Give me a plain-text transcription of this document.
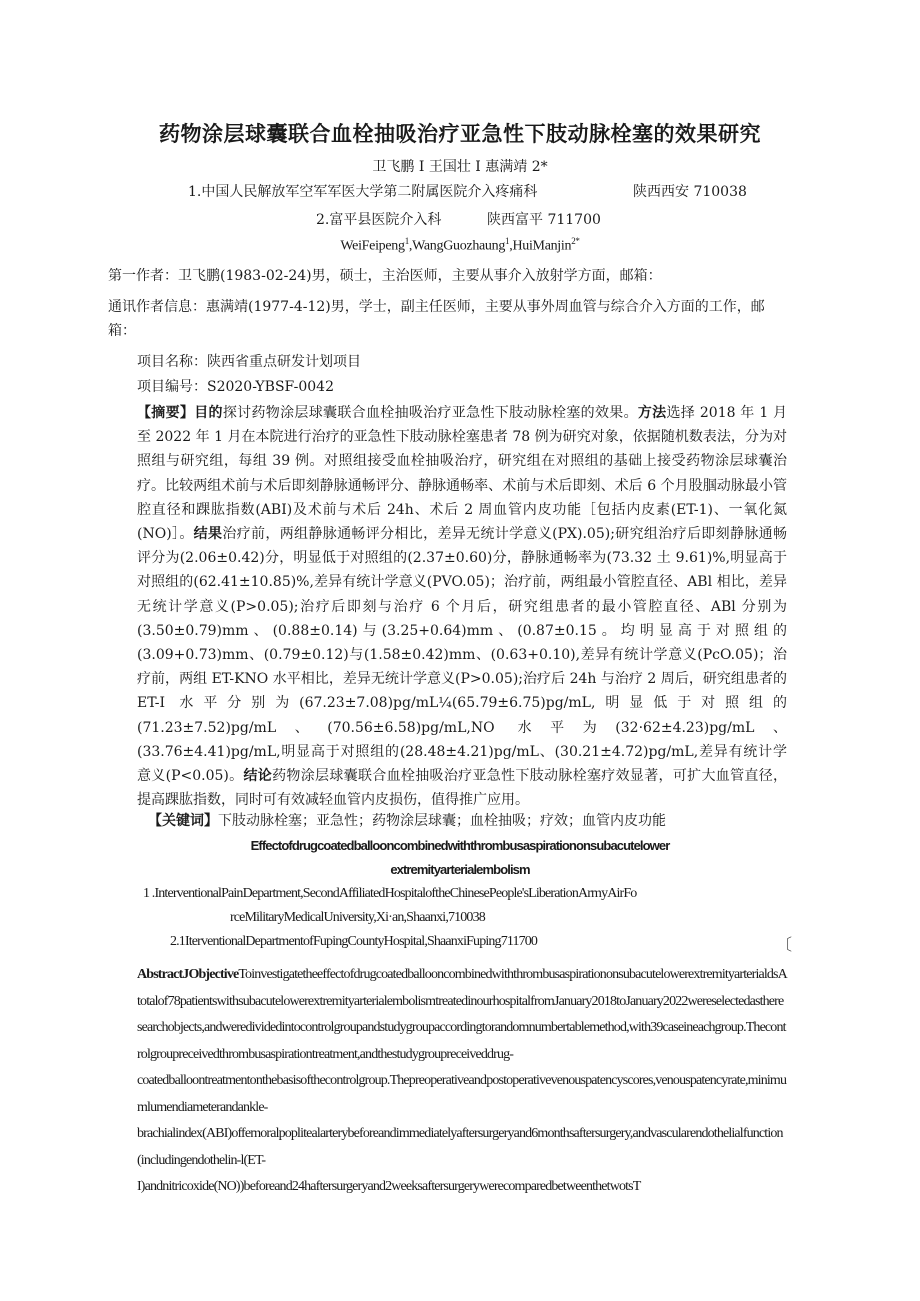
药物涂层球囊联合血栓抽吸治疗亚急性下肢动脉栓塞的效果研究
卫飞鹏 I 王国壮 I 惠满靖 2*
1.中国人民解放军空军军医大学第二附属医院介入疼痛科	陕西西安 710038
2.富平县医院介入科	陕西富平 711700
WeiFeipeng$^1$,WangGuozhaung$^1$,HuiManjin$^{2*}$
第一作者：卫飞鹏(1983-02-24)男，硕士，主治医师，主要从事介入放射学方面，邮箱：
通讯作者信息：惠满靖(1977-4-12)男，学士，副主任医师，主要从事外周血管与综合介入方面的工作，邮箱：
项目名称：陕西省重点研发计划项目
项目编号：S2020-YBSF-0042

【摘要】目的探讨药物涂层球囊联合血栓抽吸治疗亚急性下肢动脉栓塞的效果。方法选择 2018 年 1 月至 2022 年 1 月在本院进行治疗的亚急性下肢动脉栓塞患者 78 例为研究对象，依据随机数表法，分为对照组与研究组，每组 39 例。对照组接受血栓抽吸治疗，研究组在对照组的基础上接受药物涂层球囊治疗。比较两组术前与术后即刻静脉通畅评分、静脉通畅率、术前与术后即刻、术后 6 个月股腘动脉最小管腔直径和踝肱指数(ABI)及术前与术后 24h、术后 2 周血管内皮功能［包括内皮素(ET-1)、一氧化氮(NO)］。结果治疗前，两组静脉通畅评分相比，差异无统计学意义(PX).05);研究组治疗后即刻静脉通畅评分为(2.06±0.42)分，明显低于对照组的(2.37±0.60)分，静脉通畅率为(73.32 土 9.61)%,明显高于对照组的(62.41±10.85)%,差异有统计学意义(PVO.05)；治疗前，两组最小管腔直径、ABl 相比，差异无统计学意义(P>0.05);治疗后即刻与治疗 6 个月后，研究组患者的最小管腔直径、ABl 分别为(3.50±0.79)mm、(0.88±0.14)与(3.25+0.64)mm、(0.87±0.15。均明显高于对照组的(3.09+0.73)mm、(0.79±0.12)与(1.58±0.42)mm、(0.63+0.10),差异有统计学意义(PcO.05)；治疗前，两组 ET-KNO 水平相比，差异无统计学意义(P>0.05);治疗后 24h 与治疗 2 周后，研究组患者的 ET-I 水平分别为(67.23±7.08)pg/mL¼(65.79±6.75)pg/mL,明显低于对照组的(71.23±7.52)pg/mL、(70.56±6.58)pg/mL,NO 水平为(32·62±4.23)pg/mL、(33.76±4.41)pg/mL,明显高于对照组的(28.48±4.21)pg/mL、(30.21±4.72)pg/mL,差异有统计学意义(P<0.05)。结论药物涂层球囊联合血栓抽吸治疗亚急性下肢动脉栓塞疗效显著，可扩大血管直径，提高踝肱指数，同时可有效减轻血管内皮损伤，值得推广应用。

【关键词】下肢动脉栓塞；亚急性；药物涂层球囊；血栓抽吸；疗效；血管内皮功能
Effectofdrugcoatedballooncombinedwiththrombusaspirationonsubacutelower
extremityarterialembolism
1 .InterventionalPainDepartment,SecondAffiliatedHospitaloftheChinesePeople'sLiberationArmyAirFo
rceMilitaryMedicalUniversity,Xi·an,Shaanxi,710038
2.1IterventionalDepartmentofFupingCountyHospital,ShaanxiFuping711700	〔
AbstractJObjectiveToinvestigatetheeffectofdrugcoatedballooncombinedwiththrombusaspirationonsubacutelowerextremityarterialdsAtotalof78patientswithsubacutelowerextremityarterialembolismtreatedinourhospitalfromJanuary2018toJanuary2022wereselectedastheresearchobjects,andweredividedintocontrolgroupandstudygroupaccordingtorandomnumbertablemethod,with39caseineachgroup.Thecontrolgroupreceivedthrombusaspirationtreatment,andthestudygroupreceiveddrug-
coatedballoontreatmentonthebasisofthecontrolgroup.Thepreoperativeandpostoperativevenouspatencyscores,venouspatencyrate,minimumlumendiameterandankle-
brachialindex(ABI)offemoralpoplitealarterybeforeandimmediatelyaftersurgeryand6monthsaftersurgery,andvascularendothelialfunction(includingendothelin-l(ET-
I)andnitricoxide(NO))beforeand24haftersurgeryand2weeksaftersurgerywerecomparedbetweenthetwotsT
